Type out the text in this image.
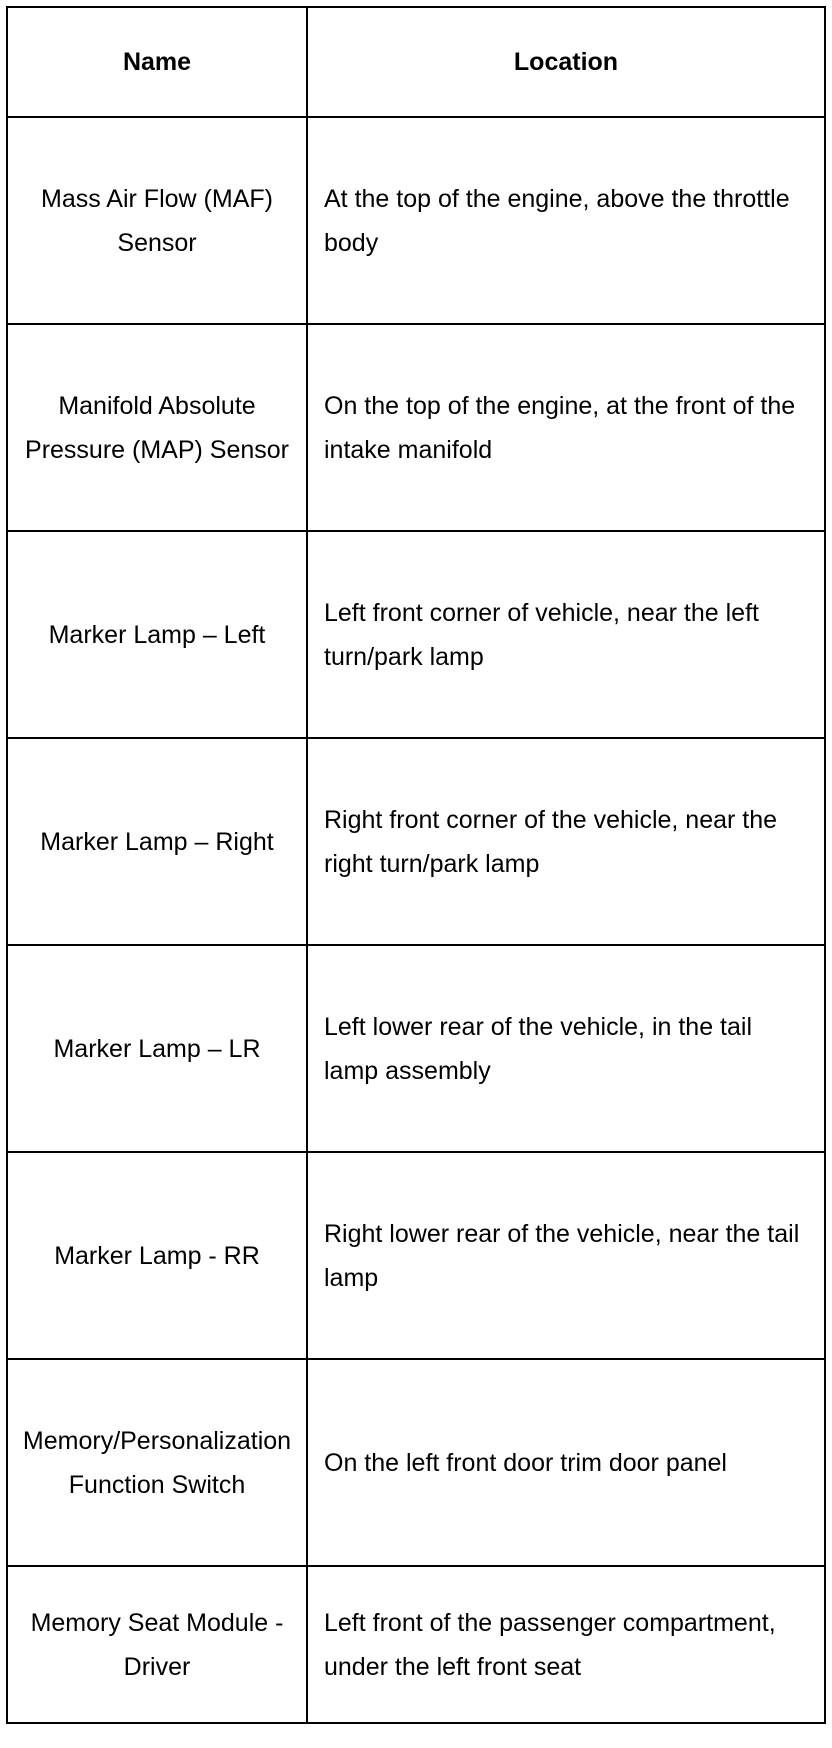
Name	Location
Mass Air Flow (MAF) Sensor	At the top of the engine, above the throttle body
Manifold Absolute Pressure (MAP) Sensor	On the top of the engine, at the front of the intake manifold
Marker Lamp – Left	Left front corner of vehicle, near the left turn/park lamp
Marker Lamp – Right	Right front corner of the vehicle, near the right turn/park lamp
Marker Lamp – LR	Left lower rear of the vehicle, in the tail lamp assembly
Marker Lamp - RR	Right lower rear of the vehicle, near the tail lamp
Memory/Personalization Function Switch	On the left front door trim door panel
Memory Seat Module - Driver	Left front of the passenger compartment, under the left front seat
